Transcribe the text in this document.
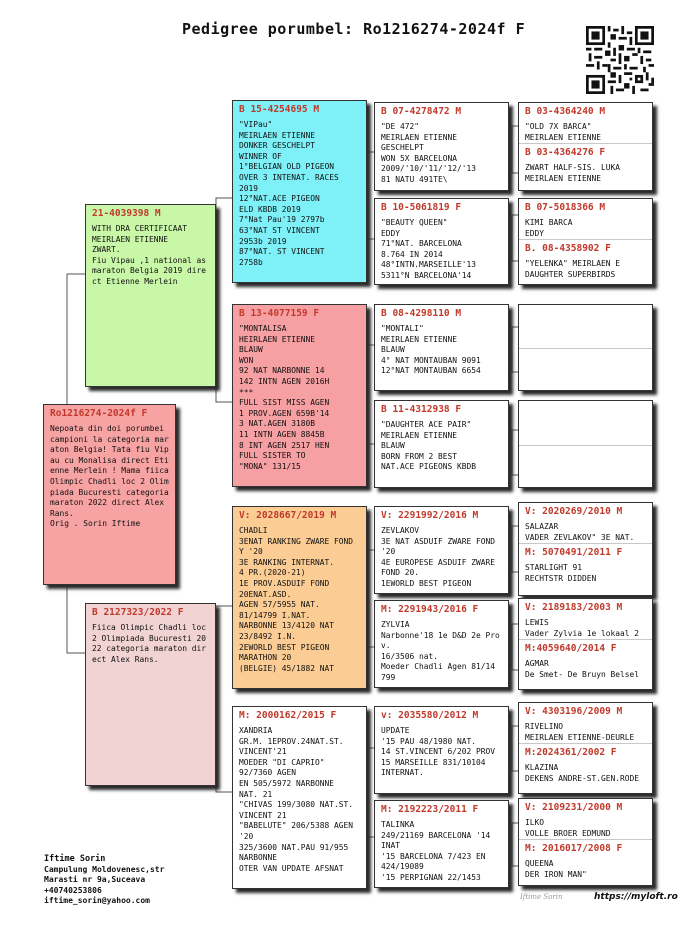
Pedigree porumbel: Ro1216274-2024f F
Ro1216274-2024f F
Nepoata din doi porumbei campioni la categoria maraton Belgia! Tata fiu Vipau cu Monalisa direct Etienne Merlein ! Mama fiica Olimpic Chadli loc 2 Olimpiada Bucuresti categoria maraton 2022 direct Alex Rans.
Orig . Sorin Iftime
21-4039398 M
WITH DRA CERTIFICAAT
MEIRLAEN ETIENNE
ZWART.
Fiu Vipau ,1 national as maraton Belgia 2019 direct Etienne Merlein
B 2127323/2022 F
Fiica Olimpic Chadli loc 2 Olimpiada Bucuresti 2022 categoria maraton direct Alex Rans.
B 15-4254695 M
"VIPau"
MEIRLAEN ETIENNE
DONKER GESCHELPT
WINNER OF
1°BELGIAN OLD PIGEON
OVER 3 INTENAT. RACES
2019
12°NAT.ACE PIGEON
ELD KBDB 2019
7°Nat Pau'19 2797b
63°NAT ST VINCENT
2953b 2019
87°NAT. ST VINCENT
2758b
B 13-4077159 F
"MONTALISA
HEIRLAEN ETIENNE
BLAUW
WON
92 NAT NARBONNE 14
142 INTN AGEN 2016H
***
FULL SIST MISS AGEN
1 PROV.AGEN 659B'14
3 NAT.AGEN 3180B
11 INTN AGEN 8845B
8 INT AGEN 2517 HEN
FULL SISTER TO
"MONA" 131/15
V: 2028667/2019 M
CHADLI
3ENAT RANKING ZWARE FOND Y '20
3E RANKING INTERNAT.
4 PR.(2020-21)
1E PROV.ASDUIF FOND
20ENAT.ASD.
AGEN 57/5955 NAT.
81/14799 I.NAT.
NARBONNE 13/4120 NAT
23/8492 I.N.
2EWORLD BEST PIGEON
MARATHON 20
(BELGIE) 45/1882 NAT
M: 2000162/2015 F
XANDRIA
GR.M. 1EPROV.24NAT.ST.
VINCENT'21
MOEDER "DI CAPRIO"
92/7360 AGEN
EN 505/5972 NARBONNE
NAT. 21
"CHIVAS 199/3080 NAT.ST.
VINCENT 21
"BABELUTE" 206/5388 AGEN
'20
325/3600 NAT.PAU 91/955
NARBONNE
OTER VAN UPDATE AFSNAT
B 07-4278472 M
"DE 472"
MEIRLAEN ETIENNE
GESCHELPT
WON 5X BARCELONA
2009/'10/'11/'12/'13
81 NATU 491TE\
B 10-5061819 F
"BEAUTY QUEEN"
EDDY
71°NAT. BARCELONA
8.764 IN 2014
48°INTN.MARSEILLE'13
5311°N BARCELONA'14
B 08-4298110 M
"MONTALI"
MEIRLAEN ETIENNE
BLAUW
4° NAT MONTAUBAN 9091
12°NAT MONTAUBAN 6654
B 11-4312938 F
"DAUGHTER ACE PAIR"
MEIRLAEN ETIENNE
BLAUW
BORN FROM 2 BEST
NAT.ACE PIGEONS KBDB
V: 2291992/2016 M
ZEVLAKOV
3E NAT ASDUIF ZWARE FOND '20
4E EUROPESE ASDUIF ZWARE FOND 20.
1EWORLD BEST PIGEON
M: 2291943/2016 F
ZYLVIA
Narbonne'18 1e D&D 2e Prov.
16/3506 nat.
Moeder Chadli Agen 81/14
799
v: 2035580/2012 M
UPDATE
'15 PAU 48/1980 NAT.
14 ST.VINCENT 6/202 PROV
15 MARSEILLE 831/10104
INTERNAT.
M: 2192223/2011 F
TALINKA
249/21169 BARCELONA '14
INAT
'15 BARCELONA 7/423 EN
424/19089
'15 PERPIGNAN 22/1453
B 03-4364240 M
"OLD 7X BARCA"
MEIRLAEN ETIENNE
B 03-4364276 F
ZWART HALF-SIS. LUKA
MEIRLAEN ETIENNE
B 07-5018366 M
KIMI BARCA
EDDY
B. 08-4358902 F
"YELENKA" MEIRLAEN E
DAUGHTER SUPERBIRDS
V: 2020269/2010 M
SALAZAR
VADER ZEVLAKOV" 3E NAT.
M: 5070491/2011 F
STARLIGHT 91
RECHTSTR DIDDEN
V: 2189183/2003 M
LEWIS
Vader Zylvia 1e lokaal 2
M:4059640/2014 F
AGMAR
De Smet- De Bruyn Belsel
V: 4303196/2009 M
RIVELINO
MEIRLAEN ETIENNE-DEURLE
M:2024361/2002 F
KLAZINA
DEKENS ANDRE-ST.GEN.RODE
V: 2109231/2000 M
ILKO
VOLLE BROER EDMUND
M: 2016017/2008 F
QUEENA
DER IRON MAN"
Iftime Sorin
Campulung Moldovenesc,str
Marasti nr 9a,Suceava
+40740253806
iftime_sorin@yahoo.com	Iftime Sorin	https://myloft.ro
